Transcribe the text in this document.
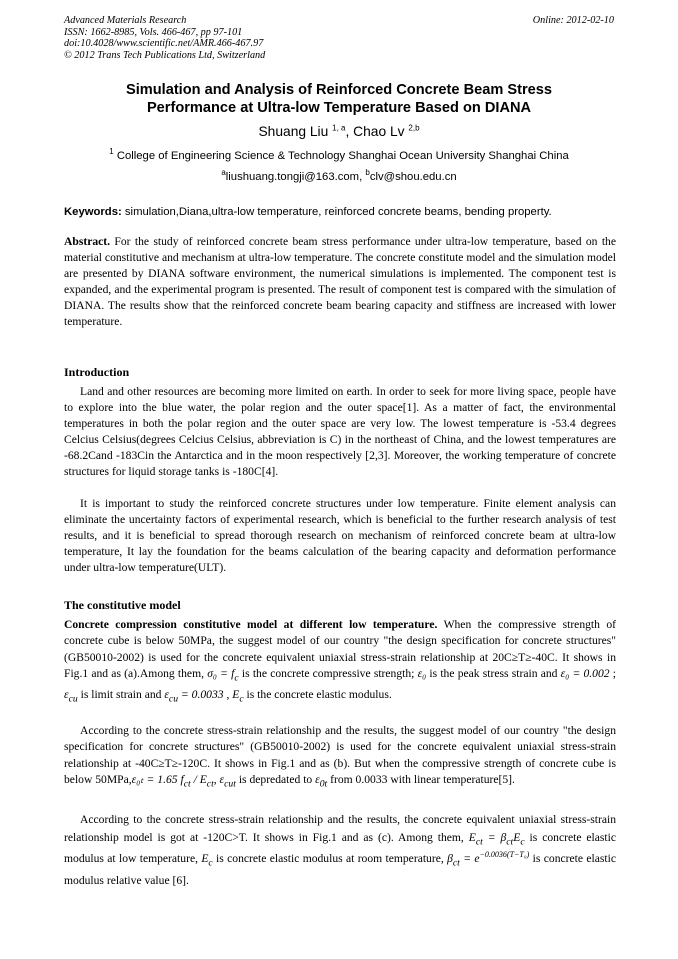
Advanced Materials Research
ISSN: 1662-8985, Vols. 466-467, pp 97-101
doi:10.4028/www.scientific.net/AMR.466-467.97
© 2012 Trans Tech Publications Ltd, Switzerland
Online: 2012-02-10
Simulation and Analysis of Reinforced Concrete Beam Stress
Performance at Ultra-low Temperature Based on DIANA
Shuang Liu $^{1, a}$, Chao Lv $^{2,b}$
$^1$ College of Engineering Science & Technology Shanghai Ocean University Shanghai China
$^a$liushuang.tongji@163.com, $^b$clv@shou.edu.cn
Keywords: simulation,Diana,ultra-low temperature, reinforced concrete beams, bending property.
Abstract. For the study of reinforced concrete beam stress performance under ultra-low temperature, based on the material constitutive and mechanism at ultra-low temperature. The concrete constitute model and the simulation model are presented by DIANA software environment, the numerical simulations is implemented. The component test is expanded, and the experimental program is presented. The result of component test is compared with the simulation of DIANA. The results show that the reinforced concrete beam bearing capacity and stiffness are increased with lower temperature.
Introduction
Land and other resources are becoming more limited on earth. In order to seek for more living space, people have to explore into the blue water, the polar region and the outer space[1]. As a matter of fact, the environmental temperatures in both the polar region and the outer space are very low. The lowest temperature is -53.4 degrees Celcius Celsius(degrees Celcius Celsius, abbreviation is C) in the northeast of China, and the lowest temperatures are -68.2Cand -183Cin the Antarctica and in the moon respectively [2,3]. Moreover, the working temperature of concrete structures for liquid storage tanks is -180C[4].
It is important to study the reinforced concrete structures under low temperature. Finite element analysis can eliminate the uncertainty factors of experimental research, which is beneficial to the further research analysis of test results, and it is beneficial to spread thorough research on mechanism of reinforced concrete beam at ultra-low temperature, It lay the foundation for the beams calculation of the bearing capacity and deformation performance under ultra-low temperature(ULT).
The constitutive model
Concrete compression constitutive model at different low temperature. When the compressive strength of concrete cube is below 50MPa, the suggest model of our country "the design specification for concrete structures" (GB50010-2002) is used for the concrete equivalent uniaxial stress-strain relationship at 20C≥T≥-40C. It shows in Fig.1 and as (a).Among them, $\sigma_0 = f_c$ is the concrete compressive strength; ε₀ is the peak stress strain and ε₀ = 0.002 ; $\varepsilon_{cu}$ is limit strain and $\varepsilon_{cu} = 0.0033$ , $E_c$ is the concrete elastic modulus.
According to the concrete stress-strain relationship and the results, the suggest model of our country "the design specification for concrete structures" (GB50010-2002) is used for the concrete equivalent uniaxial stress-strain relationship at -40C≥T≥-120C. It shows in Fig.1 and as (b). But when the compressive strength of concrete cube is below 50MPa,ε₀ₜ = 1.65 $f_{ct} / E_{ct}$, $\varepsilon_{cut}$ is depredated to $\varepsilon_{0t}$ from 0.0033 with linear temperature[5].
According to the concrete stress-strain relationship and the results, the concrete equivalent uniaxial stress-strain relationship model is got at -120C>T. It shows in Fig.1 and as (c). Among them, $E_{ct} = \beta_{ct}E_c$ is concrete elastic modulus at low temperature, $E_c$ is concrete elastic modulus at room temperature, $\beta_{ct} = e^{-0.0036(T-T_0)}$ is concrete elastic modulus relative value [6].
